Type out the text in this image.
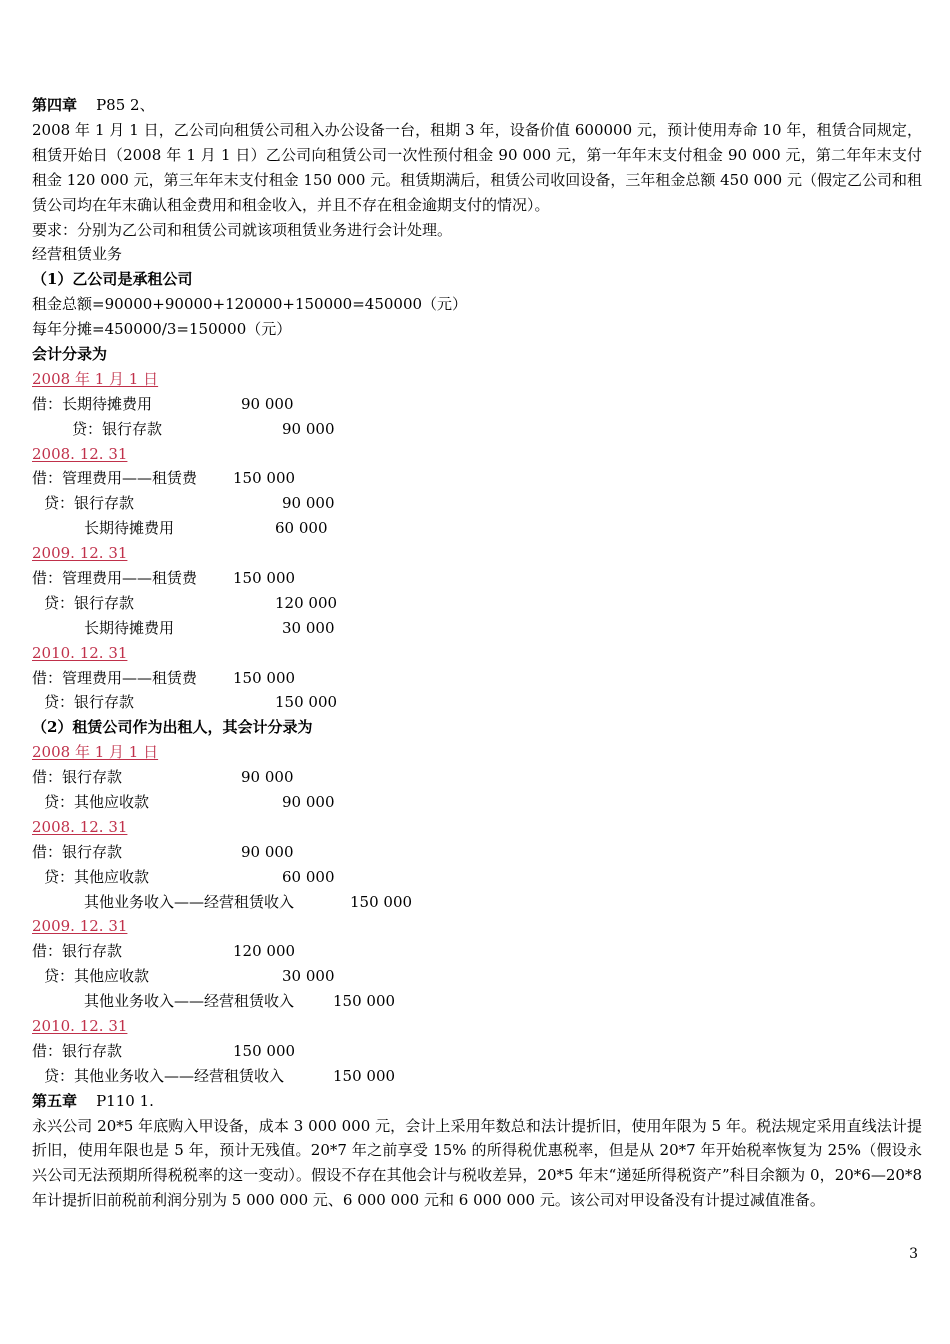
第四章 P85 2、
2008 年 1 月 1 日，乙公司向租赁公司租入办公设备一台，租期 3 年，设备价值 600000 元，预计使用寿命 10 年，租赁合同规定，租赁开始日（2008 年 1 月 1 日）乙公司向租赁公司一次性预付租金 90 000 元，第一年年末支付租金 90 000 元，第二年年末支付租金 120 000 元，第三年年末支付租金 150 000 元。租赁期满后，租赁公司收回设备，三年租金总额 450 000 元（假定乙公司和租赁公司均在年末确认租金费用和租金收入，并且不存在租金逾期支付的情况）。
要求：分别为乙公司和租赁公司就该项租赁业务进行会计处理。
经营租赁业务
（1）乙公司是承租公司
租金总额=90000+90000+120000+150000=450000（元）
每年分摊=450000/3=150000（元）
会计分录为
2008 年 1 月 1 日
借：长期待摊费用	90 000
贷：银行存款	90 000
2008. 12. 31
借：管理费用——租赁费 150 000
贷：银行存款	90 000
长期待摊费用	60 000
2009. 12. 31
借：管理费用——租赁费 150 000
贷：银行存款	120 000
长期待摊费用	30 000
2010. 12. 31
借：管理费用——租赁费 150 000
贷：银行存款	150 000
（2）租赁公司作为出租人，其会计分录为
2008 年 1 月 1 日
借：银行存款	90 000
贷：其他应收款	90 000
2008. 12. 31
借：银行存款	90 000
贷：其他应收款	60 000
其他业务收入——经营租赁收入	150 000
2009. 12. 31
借：银行存款	120 000
贷：其他应收款	30 000
其他业务收入——经营租赁收入	150 000
2010. 12. 31
借：银行存款	150 000
贷：其他业务收入——经营租赁收入	150 000
第五章 P110 1.
永兴公司 20*5 年底购入甲设备，成本 3 000 000 元，会计上采用年数总和法计提折旧，使用年限为 5 年。税法规定采用直线法计提折旧，使用年限也是 5 年，预计无残值。20*7 年之前享受 15% 的所得税优惠税率，但是从 20*7 年开始税率恢复为 25%（假设永兴公司无法预期所得税税率的这一变动）。假设不存在其他会计与税收差异，20*5 年末“递延所得税资产”科目余额为 0，20*6—20*8 年计提折旧前税前利润分别为 5 000 000 元、6 000 000 元和 6 000 000 元。该公司对甲设备没有计提过减值准备。
3
